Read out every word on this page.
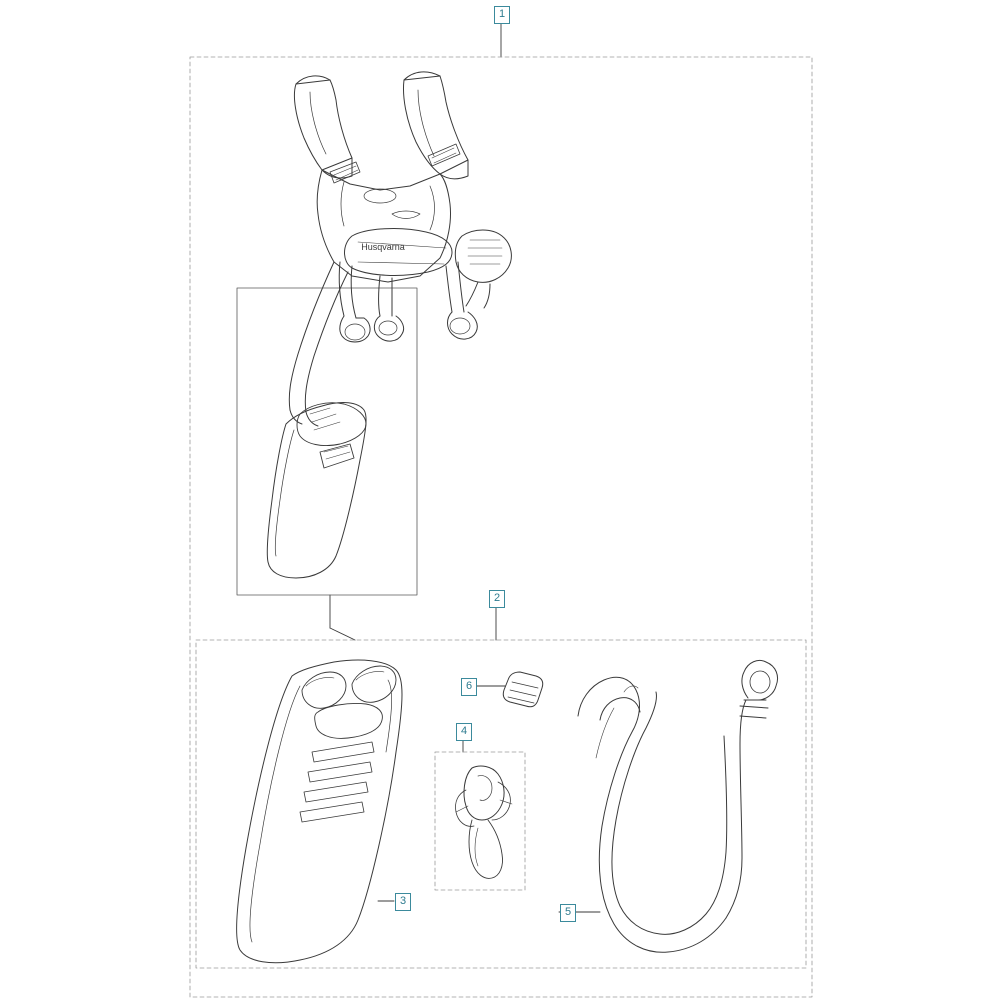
Husqvarna
1
2
3
4
5
6
